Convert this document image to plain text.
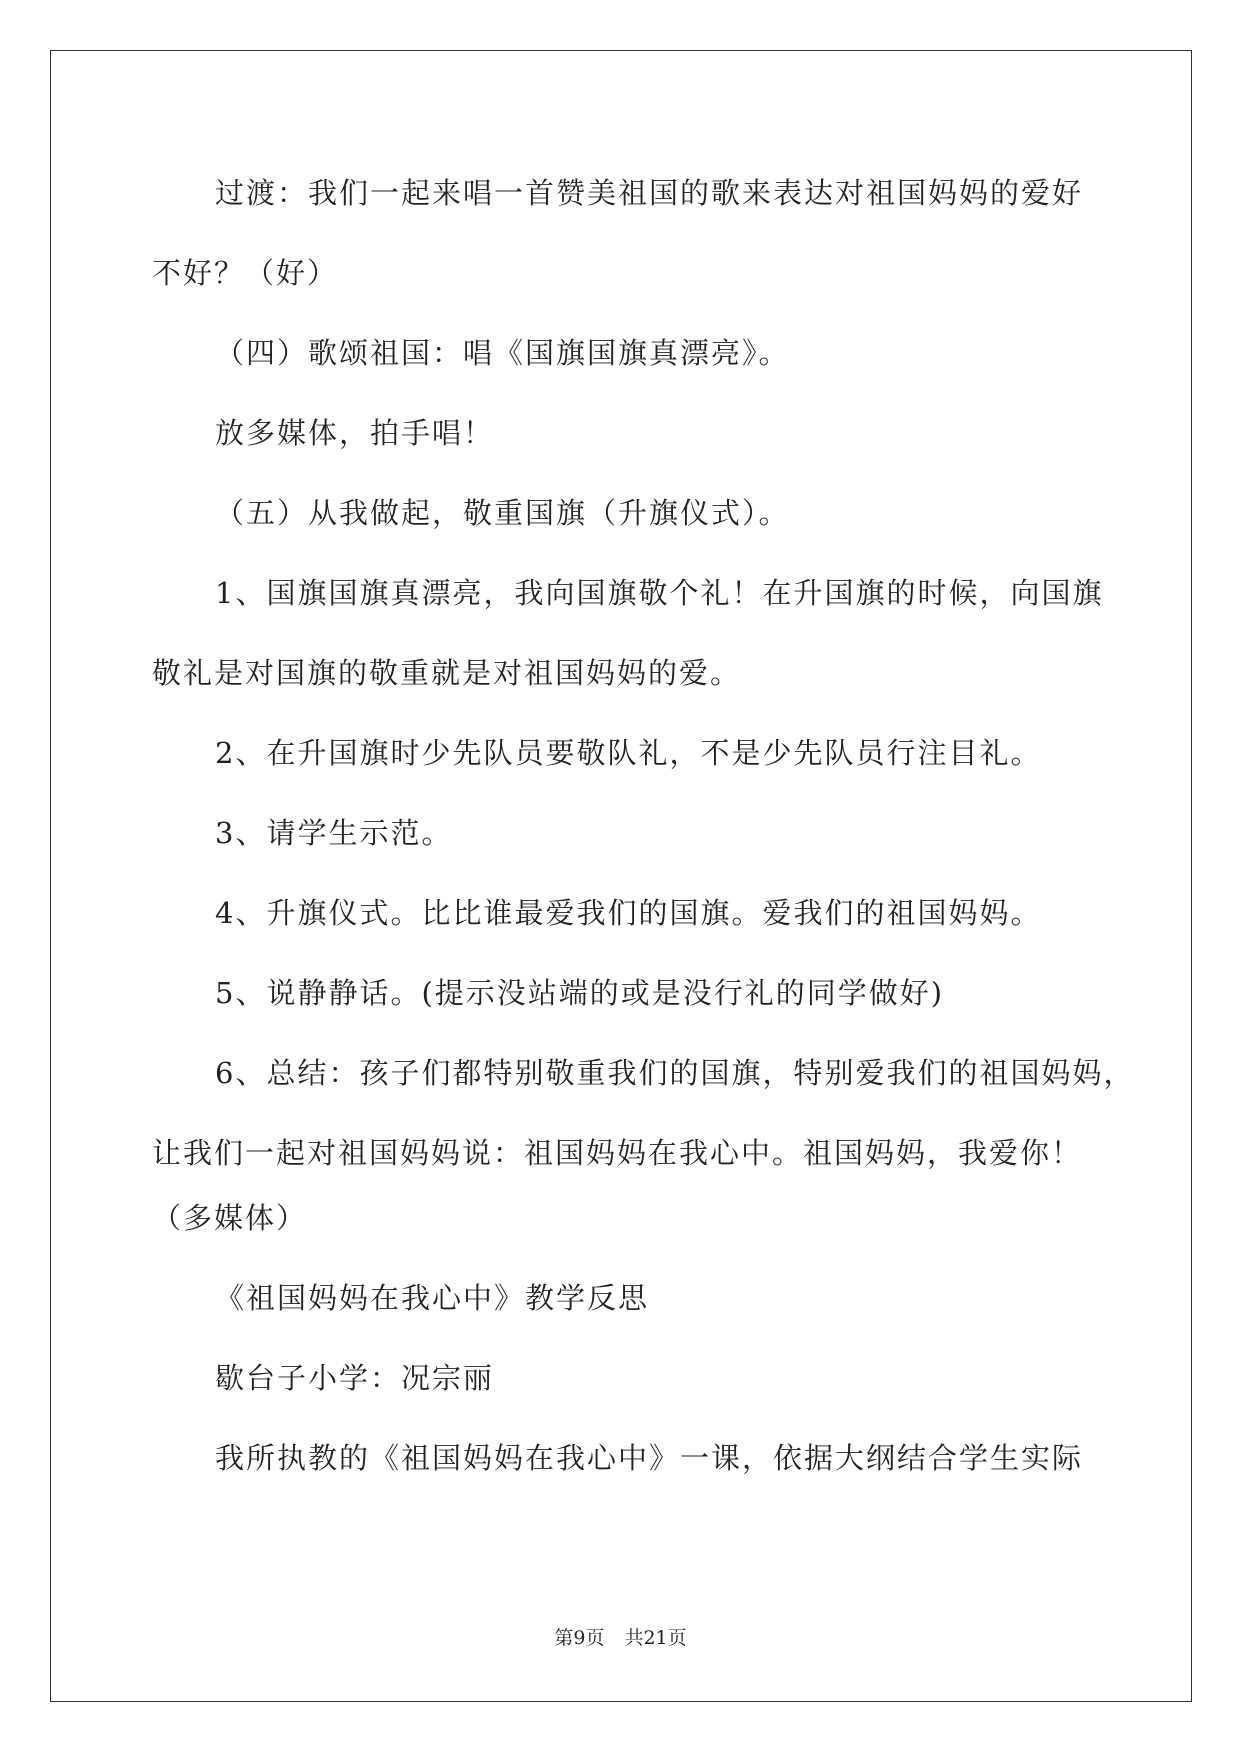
过渡：我们一起来唱一首赞美祖国的歌来表达对祖国妈妈的爱好
不好？（好）
（四）歌颂祖国：唱《国旗国旗真漂亮》。
放多媒体，拍手唱！
（五）从我做起，敬重国旗（升旗仪式）。
1、国旗国旗真漂亮，我向国旗敬个礼！在升国旗的时候，向国旗
敬礼是对国旗的敬重就是对祖国妈妈的爱。
2、在升国旗时少先队员要敬队礼，不是少先队员行注目礼。
3、请学生示范。
4、升旗仪式。比比谁最爱我们的国旗。爱我们的祖国妈妈。
5、说静静话。(提示没站端的或是没行礼的同学做好)
6、总结：孩子们都特别敬重我们的国旗，特别爱我们的祖国妈妈，
让我们一起对祖国妈妈说：祖国妈妈在我心中。祖国妈妈，我爱你！
（多媒体）
《祖国妈妈在我心中》教学反思
歇台子小学：况宗丽
我所执教的《祖国妈妈在我心中》一课，依据大纲结合学生实际
第9页 共21页
